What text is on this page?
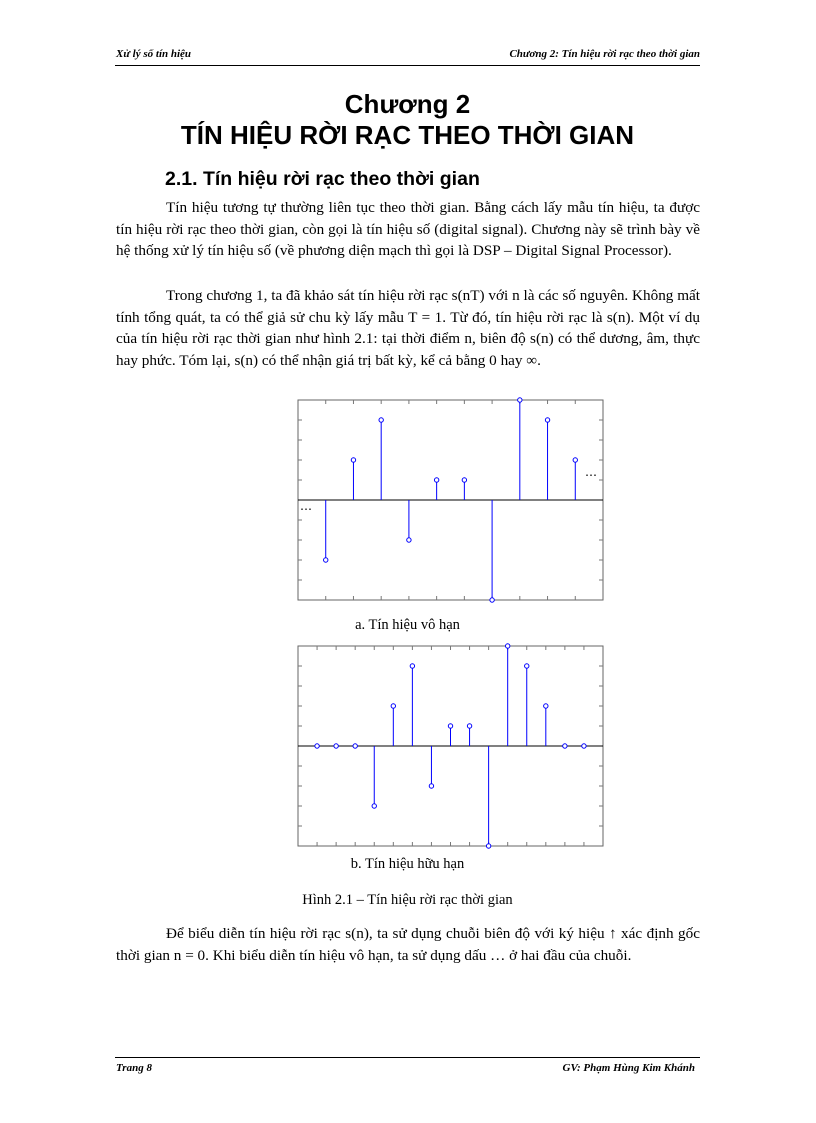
Xử lý số tín hiệu	Chương 2: Tín hiệu rời rạc theo thời gian
Chương 2
TÍN HIỆU RỜI RẠC THEO THỜI GIAN
2.1. Tín hiệu rời rạc theo thời gian

Tín hiệu tương tự thường liên tục theo thời gian. Bằng cách lấy mẫu tín hiệu, ta được tín hiệu rời rạc theo thời gian, còn gọi là tín hiệu số (digital signal). Chương này sẽ trình bày về hệ thống xử lý tín hiệu số (về phương diện mạch thì gọi là DSP – Digital Signal Processor).

Trong chương 1, ta đã khảo sát tín hiệu rời rạc s(nT) với n là các số nguyên. Không mất tính tổng quát, ta có thể giả sử chu kỳ lấy mẫu T = 1. Từ đó, tín hiệu rời rạc là s(n). Một ví dụ của tín hiệu rời rạc thời gian như hình 2.1: tại thời điểm n, biên độ s(n) có thể dương, âm, thực hay phức. Tóm lại, s(n) có thể nhận giá trị bất kỳ, kể cả bằng 0 hay ∞.

…
…
a. Tín hiệu vô hạn
b. Tín hiệu hữu hạn
Hình 2.1 – Tín hiệu rời rạc thời gian

Để biểu diễn tín hiệu rời rạc s(n), ta sử dụng chuỗi biên độ với ký hiệu ↑ xác định gốc thời gian n = 0. Khi biểu diễn tín hiệu vô hạn, ta sử dụng dấu … ở hai đầu của chuỗi.

Trang 8	GV: Phạm Hùng Kim Khánh
